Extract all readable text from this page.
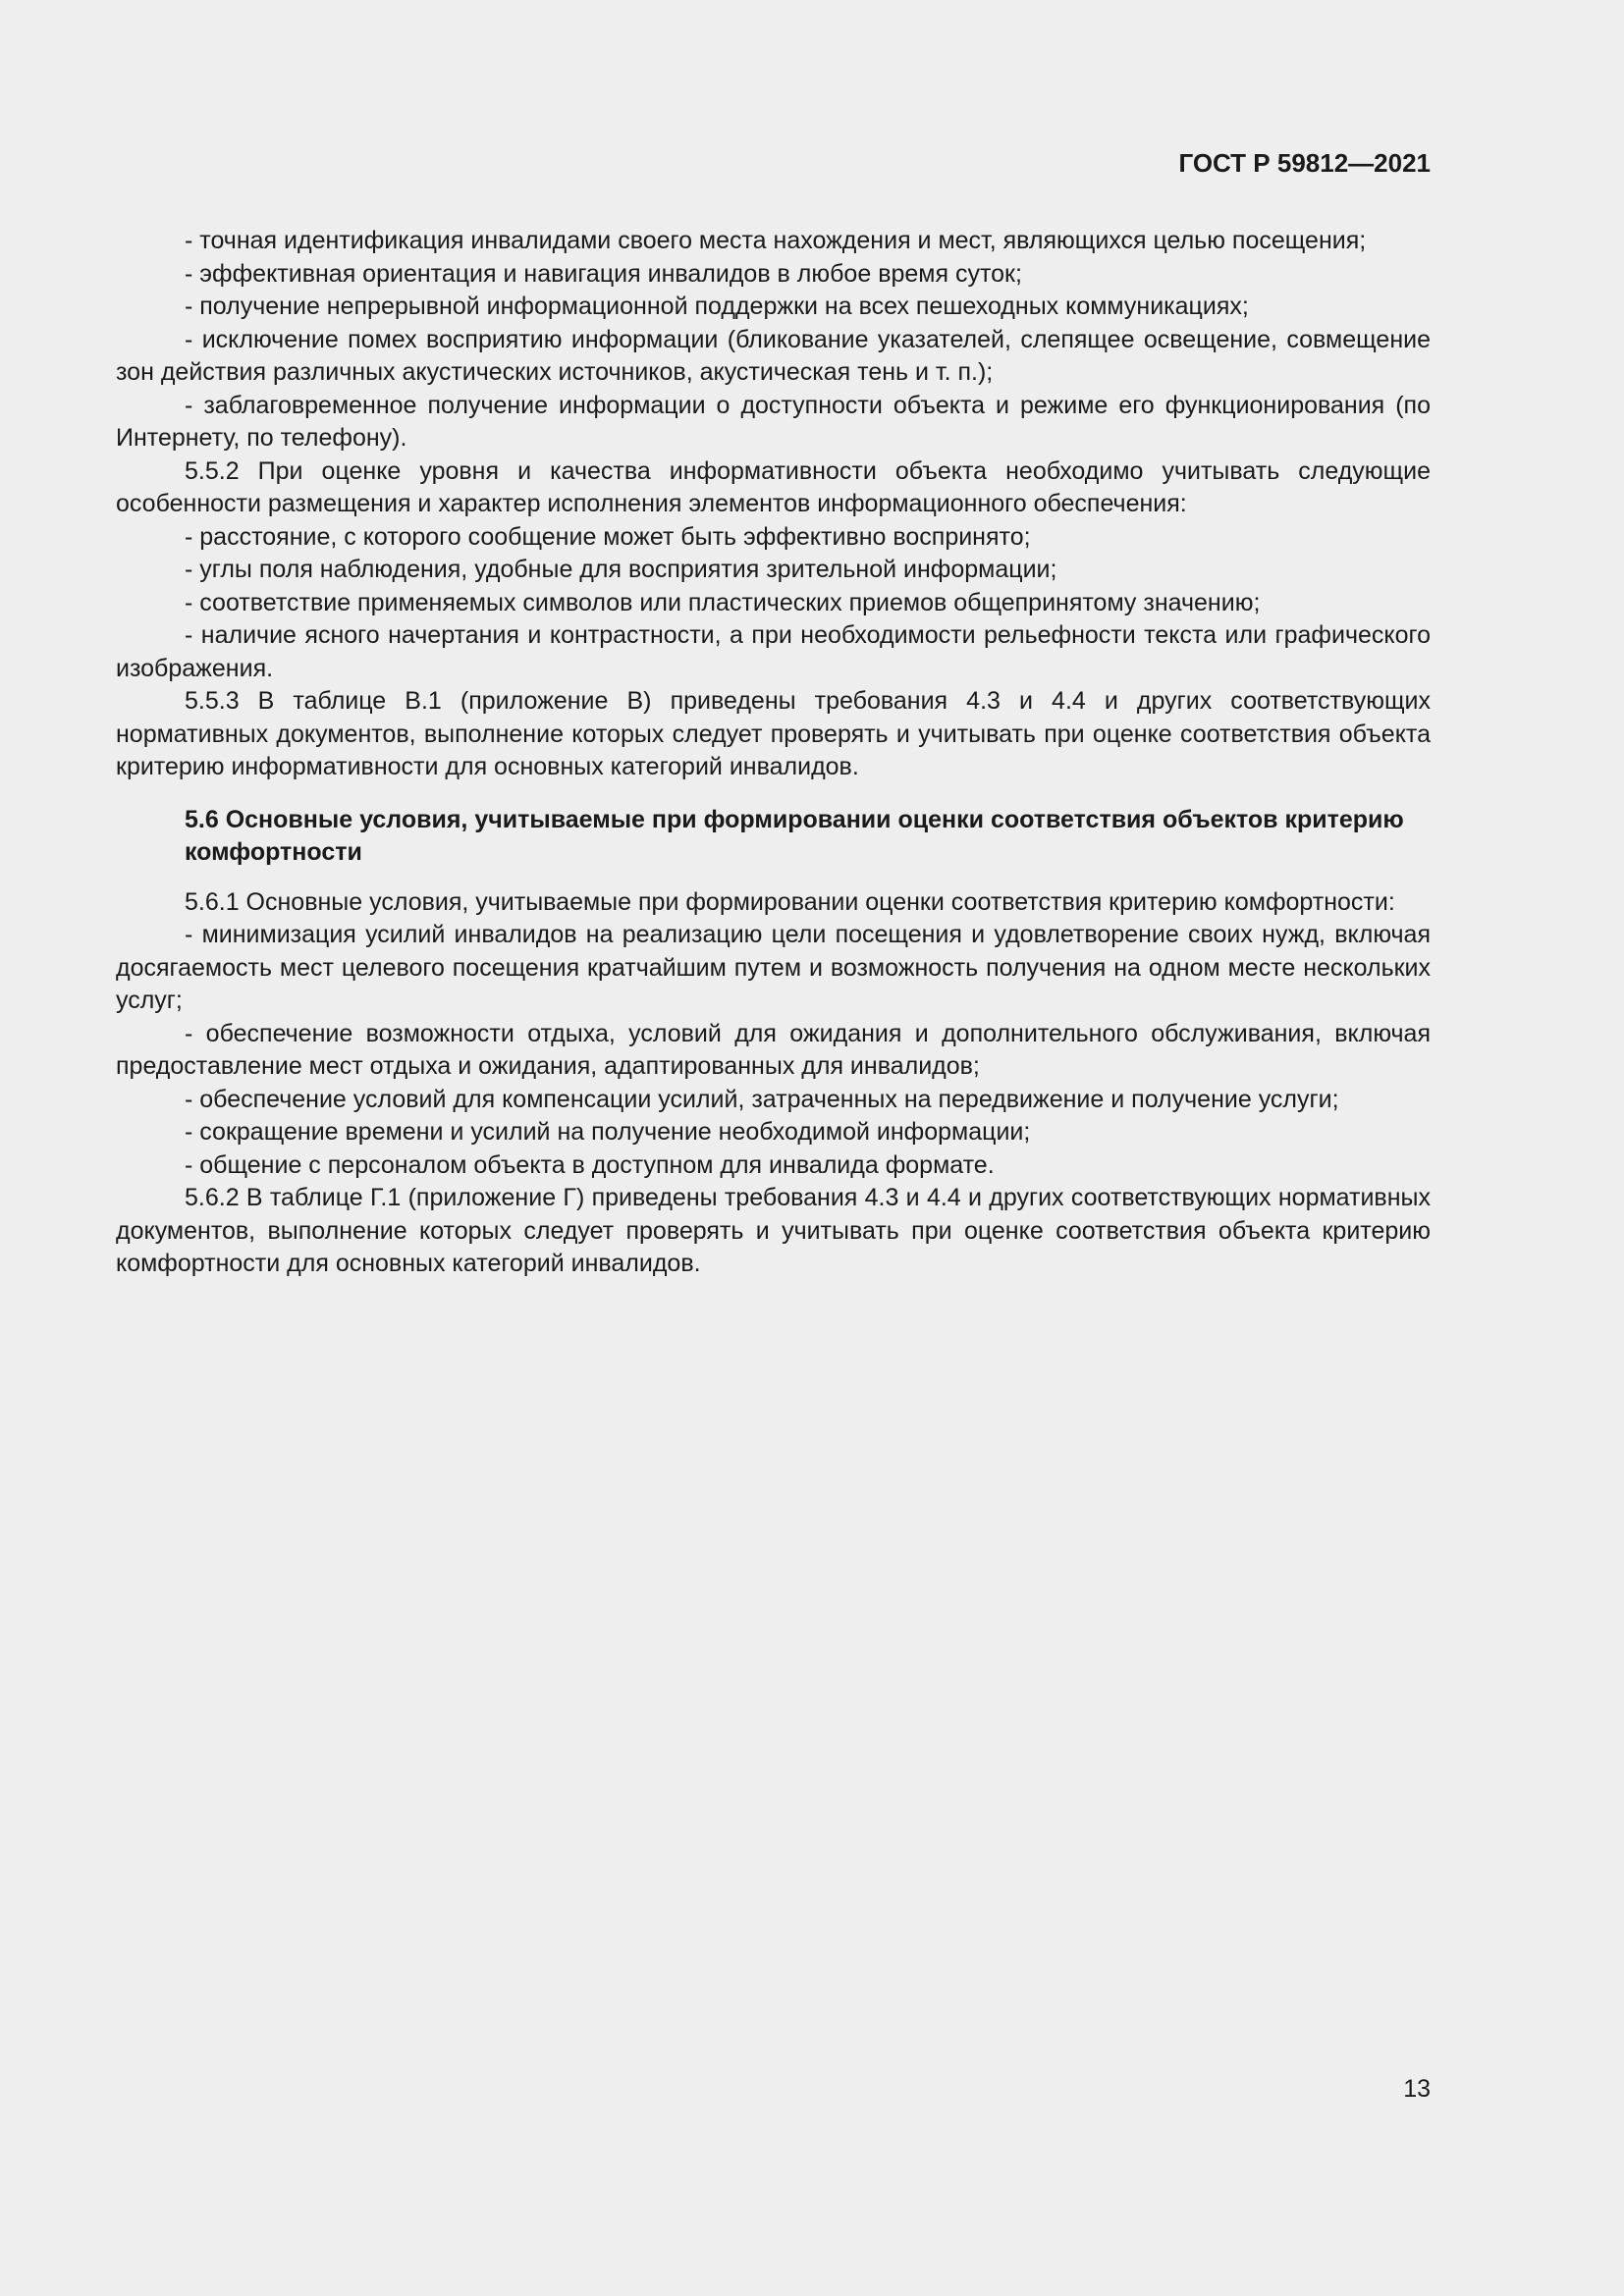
ГОСТ Р 59812—2021

- точная идентификация инвалидами своего места нахождения и мест, являющихся целью посещения;

- эффективная ориентация и навигация инвалидов в любое время суток;

- получение непрерывной информационной поддержки на всех пешеходных коммуникациях;

- исключение помех восприятию информации (бликование указателей, слепящее освещение, совмещение зон действия различных акустических источников, акустическая тень и т. п.);

- заблаговременное получение информации о доступности объекта и режиме его функционирования (по Интернету, по телефону).

5.5.2 При оценке уровня и качества информативности объекта необходимо учитывать следующие особенности размещения и характер исполнения элементов информационного обеспечения:

- расстояние, с которого сообщение может быть эффективно воспринято;

- углы поля наблюдения, удобные для восприятия зрительной информации;

- соответствие применяемых символов или пластических приемов общепринятому значению;

- наличие ясного начертания и контрастности, а при необходимости рельефности текста или графического изображения.

5.5.3 В таблице В.1 (приложение В) приведены требования 4.3 и 4.4 и других соответствующих нормативных документов, выполнение которых следует проверять и учитывать при оценке соответствия объекта критерию информативности для основных категорий инвалидов.

5.6 Основные условия, учитываемые при формировании оценки соответствия объектов критерию комфортности

5.6.1 Основные условия, учитываемые при формировании оценки соответствия критерию комфортности:

- минимизация усилий инвалидов на реализацию цели посещения и удовлетворение своих нужд, включая досягаемость мест целевого посещения кратчайшим путем и возможность получения на одном месте нескольких услуг;

- обеспечение возможности отдыха, условий для ожидания и дополнительного обслуживания, включая предоставление мест отдыха и ожидания, адаптированных для инвалидов;

- обеспечение условий для компенсации усилий, затраченных на передвижение и получение услуги;

- сокращение времени и усилий на получение необходимой информации;

- общение с персоналом объекта в доступном для инвалида формате.

5.6.2 В таблице Г.1 (приложение Г) приведены требования 4.3 и 4.4 и других соответствующих нормативных документов, выполнение которых следует проверять и учитывать при оценке соответствия объекта критерию комфортности для основных категорий инвалидов.

13
